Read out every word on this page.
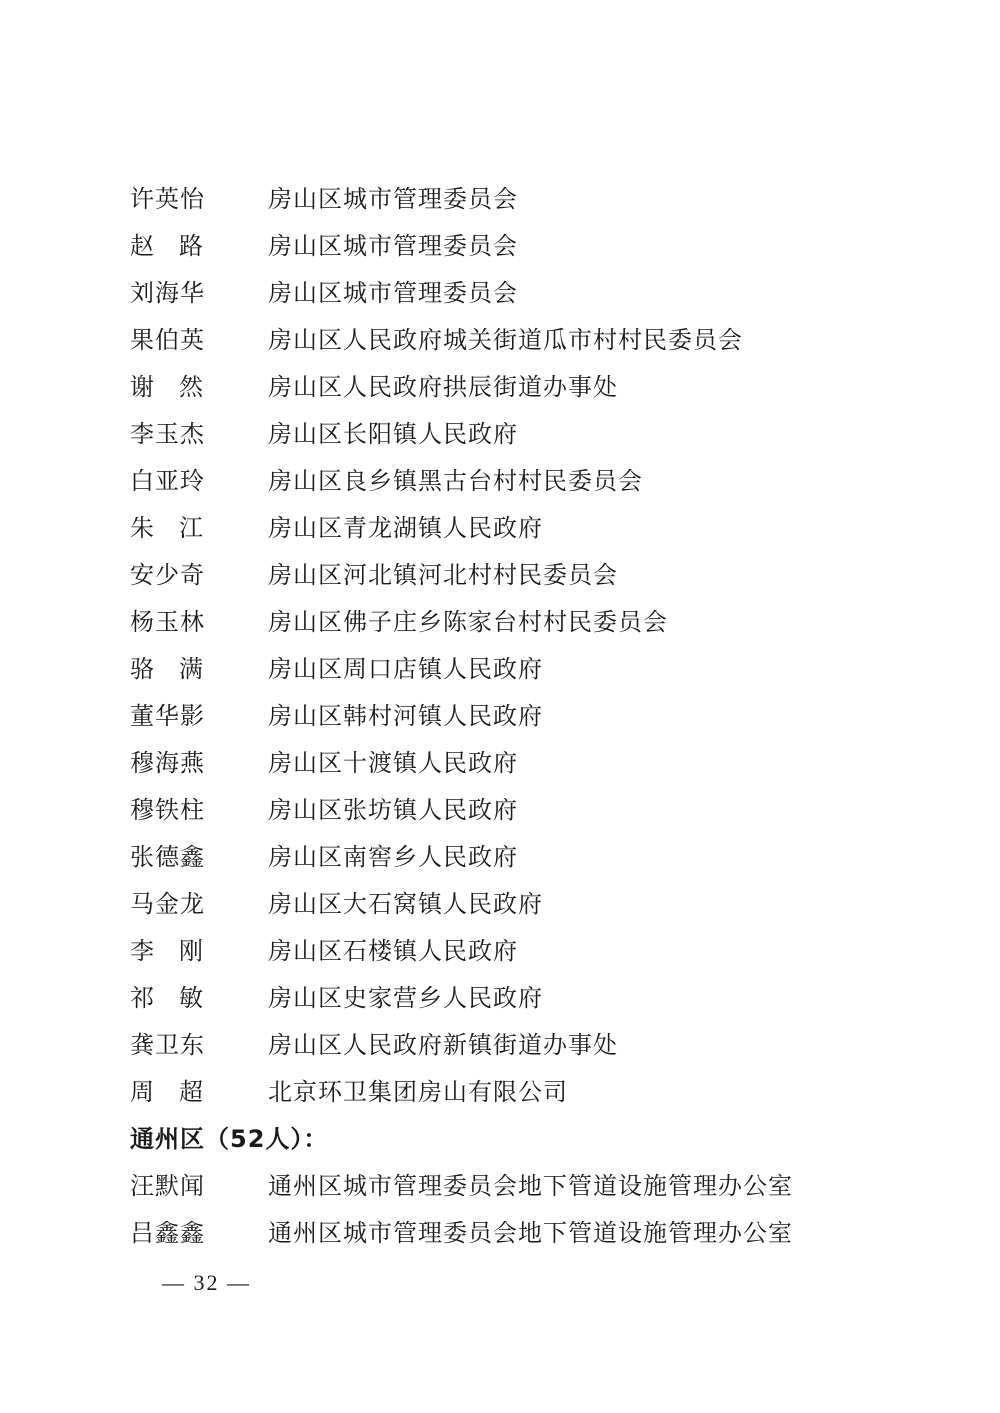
许英怡	房山区城市管理委员会
赵 路	房山区城市管理委员会
刘海华	房山区城市管理委员会
果伯英	房山区人民政府城关街道瓜市村村民委员会
谢 然	房山区人民政府拱辰街道办事处
李玉杰	房山区长阳镇人民政府
白亚玲	房山区良乡镇黑古台村村民委员会
朱 江	房山区青龙湖镇人民政府
安少奇	房山区河北镇河北村村民委员会
杨玉林	房山区佛子庄乡陈家台村村民委员会
骆 满	房山区周口店镇人民政府
董华影	房山区韩村河镇人民政府
穆海燕	房山区十渡镇人民政府
穆铁柱	房山区张坊镇人民政府
张德鑫	房山区南窖乡人民政府
马金龙	房山区大石窝镇人民政府
李 刚	房山区石楼镇人民政府
祁 敏	房山区史家营乡人民政府
龚卫东	房山区人民政府新镇街道办事处
周 超	北京环卫集团房山有限公司
通州区（52人）：
汪默闻	通州区城市管理委员会地下管道设施管理办公室
吕鑫鑫	通州区城市管理委员会地下管道设施管理办公室
— 32 —
